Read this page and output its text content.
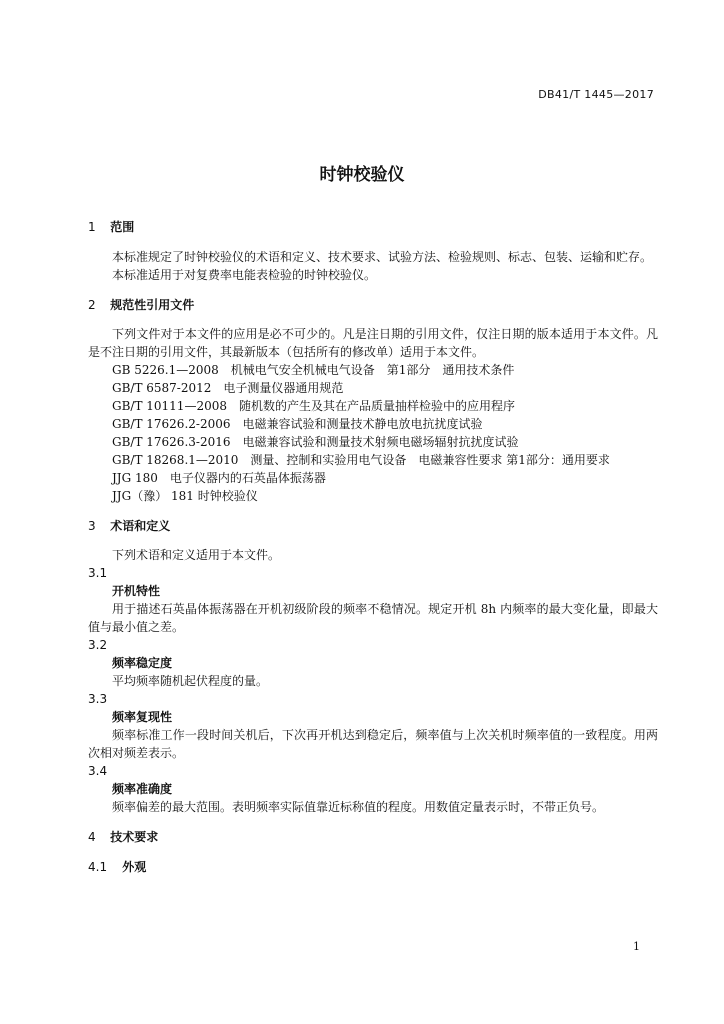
DB41/T 1445—2017
时钟校验仪
1 范围
本标准规定了时钟校验仪的术语和定义、技术要求、试验方法、检验规则、标志、包装、运输和贮存。
本标准适用于对复费率电能表检验的时钟校验仪。
2 规范性引用文件
下列文件对于本文件的应用是必不可少的。凡是注日期的引用文件，仅注日期的版本适用于本文件。凡是不注日期的引用文件，其最新版本（包括所有的修改单）适用于本文件。
GB 5226.1—2008　机械电气安全机械电气设备　第1部分　通用技术条件
GB/T 6587-2012　电子测量仪器通用规范
GB/T 10111—2008　随机数的产生及其在产品质量抽样检验中的应用程序
GB/T 17626.2-2006　电磁兼容试验和测量技术静电放电抗扰度试验
GB/T 17626.3-2016　电磁兼容试验和测量技术射频电磁场辐射抗扰度试验
GB/T 18268.1—2010　测量、控制和实验用电气设备　电磁兼容性要求 第1部分：通用要求
JJG 180　电子仪器内的石英晶体振荡器
JJG（豫） 181 时钟校验仪
3 术语和定义
下列术语和定义适用于本文件。
3.1
开机特性
用于描述石英晶体振荡器在开机初级阶段的频率不稳情况。规定开机 8h 内频率的最大变化量，即最大值与最小值之差。
3.2
频率稳定度
平均频率随机起伏程度的量。
3.3
频率复现性
频率标准工作一段时间关机后，下次再开机达到稳定后，频率值与上次关机时频率值的一致程度。用两次相对频差表示。
3.4
频率准确度
频率偏差的最大范围。表明频率实际值靠近标称值的程度。用数值定量表示时，不带正负号。
4 技术要求
4.1 外观
1
